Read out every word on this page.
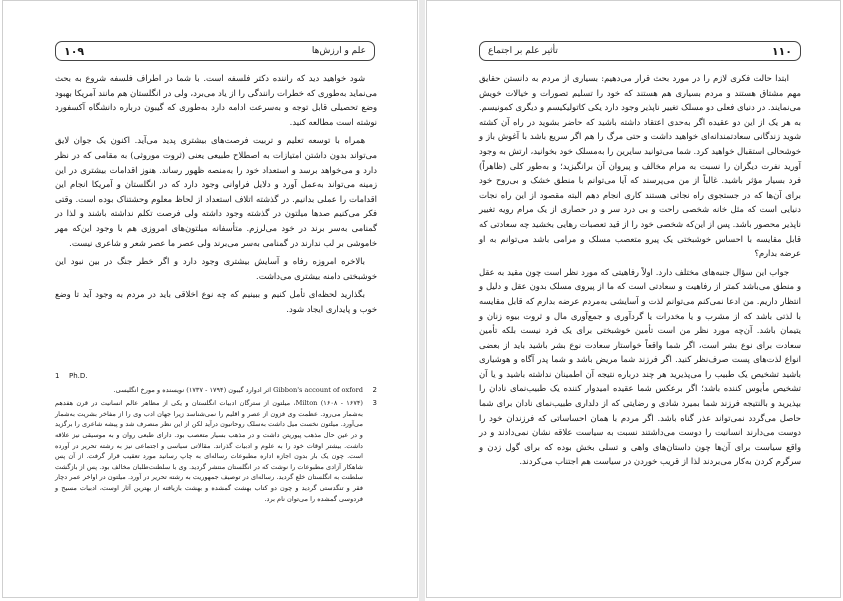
۱۰۹	علم و ارزش‌ها

شود خواهید دید که راننده دکتر فلسفه است. با شما در اطراف فلسفه شروع به بحث می‌نماید به‌طوری که خطرات رانندگی را از یاد می‌برد، ولی در انگلستان هم مانند آمریکا بهبود وضع تحصیلی قابل توجه و به‌سرعت ادامه دارد به‌طوری که گیبون درباره دانشگاه آکسفورد نوشته است مطالعه کنید.

همراه با توسعه تعلیم و تربیت فرصت‌های بیشتری پدید می‌آید. اکنون یک جوان لایق می‌تواند بدون داشتن امتیازات به اصطلاح طبیعی یعنی (ثروت موروثی) به مقامی که در نظر دارد و می‌خواهد برسد و استعداد خود را به‌منصه ظهور رساند. هنوز اقدامات بیشتری در این زمینه می‌تواند به‌عمل آورد و دلایل فراوانی وجود دارد که در انگلستان و آمریکا انجام این اقدامات را عملی بدانیم. در گذشته اتلاف استعداد از لحاظ معلوم وحشتناک بوده است. وقتی فکر می‌کنیم صدها میلتون در گذشته وجود داشته ولی فرصت تکلم نداشته باشند و لذا در گمنامی به‌سر برند در خود می‌لرزم. متأسفانه میلتون‌های امروزی هم با وجود این‌که مهر خاموشی بر لب ندارند در گمنامی به‌سر می‌برند ولی عصر ما عصر شعر و شاعری نیست.

بالاخره امروزه رفاه و آسایش بیشتری وجود دارد و اگر خطر جنگ در بین نبود این خوشبختی دامنه بیشتری می‌داشت.

بگذارید لحظه‌ای تأمل کنیم و ببینیم که چه نوع اخلاقی باید در مردم به وجود آید تا وضع خوب و پایداری ایجاد شود.

1	Ph.D.
Gibbon's account of oxford اثر ادوارد گیبون (۱۷۹۴ - ۱۷۳۷) نویسنده و مورخ انگلیسی.	2
Milton (۱۶۰۸ - ۱۶۷۴)، میلتون از سترگان ادبیات انگلستان و یکی از مظاهر عالم انسانیت در قرن هفدهم به‌شمار می‌رود. عظمت وی فزون از عصر و اقلیم را نمی‌شناسد زیرا جهان ادب وی را از مفاخر بشریت به‌شمار می‌آورد. میلتون نخست میل داشت به‌سلک روحانیون درآید لکن از این نظر منصرف شد و پیشه شاعری را برگزید و در عین حال مذهب پیوریتن داشت و در مذهب بسیار متعصب بود. دارای طبعی روان و به موسیقی نیز علاقه داشت. بیشتر اوقات خود را به علوم و ادبیات گذراند. مقالاتی سیاسی و اجتماعی نیز به رشته تحریر در آورده است. چون یک بار بدون اجازه اداره مطبوعات رساله‌ای به چاپ رسانید مورد تعقیب قرار گرفت. از آن پس شاهکار آزادی مطبوعات را نوشت که در انگلستان منتشر گردید. وی با سلطنت‌طلبان مخالف بود. پس از بازگشت سلطنت به انگلستان خلع گردید. رساله‌ای در توصیف جمهوریت به رشته تحریر در آورد. میلتون در اواخر عمر دچار فقر و تنگدستی گردید و چون دو کتاب بهشت گمشده و بهشت بازیافته از بهترین آثار اوست، ادبیات مسیح و فردوسی گمشده را می‌توان نام برد.
3
تأثیر علم بر اجتماع	۱۱۰

ابتدا حالت فکری لازم را در مورد بحث قرار می‌دهیم: بسیاری از مردم به دانستن حقایق مهم مشتاق هستند و مردم بسیاری هم هستند که خود را تسلیم تصورات و خیالات خویش می‌نمایند. در دنیای فعلی دو مسلک تغییر ناپذیر وجود دارد یکی کاتولیکیسم و دیگری کمونیسم. به هر یک از این دو عقیده اگر به‌حدی اعتقاد داشته باشید که حاضر بشوید در راه آن کشته شوید زندگانی سعادتمندانه‌ای خواهید داشت و حتی مرگ را هم اگر سریع باشد با آغوش باز و خوشحالی استقبال خواهید کرد. شما می‌توانید سایرین را به‌مسلک خود بخوانید، ارتش به وجود آورید نفرت دیگران را نسبت به مرام مخالف و پیروان آن برانگیزید؛ و به‌طور کلی (ظاهراً) فرد بسیار مؤثر باشید. غالباً از من می‌پرسند که آیا می‌توانم با منطق خشک و بی‌روح خود برای آن‌ها که در جستجوی راه نجاتی هستند کاری انجام دهم البته مقصود از این راه نجات دنیایی است که مثل خانه شخصی راحت و بی درد سر و در حصاری از یک مرام رویه تغییر ناپذیر محصور باشد. پس از این‌که شخصی خود را از قید تعصبات رهایی بخشید چه سعادتی که قابل مقایسه با احساس خوشبختی یک پیرو متعصب مسلک و مرامی باشد می‌توانم به او عرضه بدارم؟

جواب این سؤال جنبه‌های مختلف دارد. اولاً رفاهیتی که مورد نظر است چون مقید به عقل و منطق می‌باشد کمتر از رفاهیت و سعادتی است که ما از پیروی مسلک بدون عقل و دلیل و انتظار داریم. من ادعا نمی‌کنم می‌توانم لذت و آسایشی به‌مردم عرضه بدارم که قابل مقایسه با لذتی باشد که از مشرب و یا مخدرات یا گردآوری و جمع‌آوری مال و ثروت بیوه زنان و یتیمان باشد. آن‌چه مورد نظر من است تأمین خوشبختی برای یک فرد نیست بلکه تأمین سعادت برای نوع بشر است، اگر شما واقعاً خواستار سعادت نوع بشر باشید باید از بعضی انواع لذت‌های پست صرف‌نظر کنید. اگر فرزند شما مریض باشد و شما پدر آگاه و هوشیاری باشید تشخیص یک طبیب را می‌پذیرید هر چند درباره نتیجه آن اطمینان نداشته باشید و یا آن تشخیص مأیوس کننده باشد؛ اگر برعکس شما عقیده امیدوار کننده یک طبیب‌نمای نادان را بپذیرید و بالنتیجه فرزند شما بمیرد شادی و رضایتی که از دلداری طبیب‌نمای نادان برای شما حاصل می‌گردد نمی‌تواند عذر گناه باشد. اگر مردم با همان احساساتی که فرزندان خود را دوست می‌دارند انسانیت را دوست می‌داشتند نسبت به سیاست علاقه نشان نمی‌دادند و در واقع سیاست برای آن‌ها چون داستان‌های واهی و تسلی بخش بوده که برای گول زدن و سرگرم کردن به‌کار می‌بردند لذا از قریب خوردن در سیاست هم اجتناب می‌کردند.
